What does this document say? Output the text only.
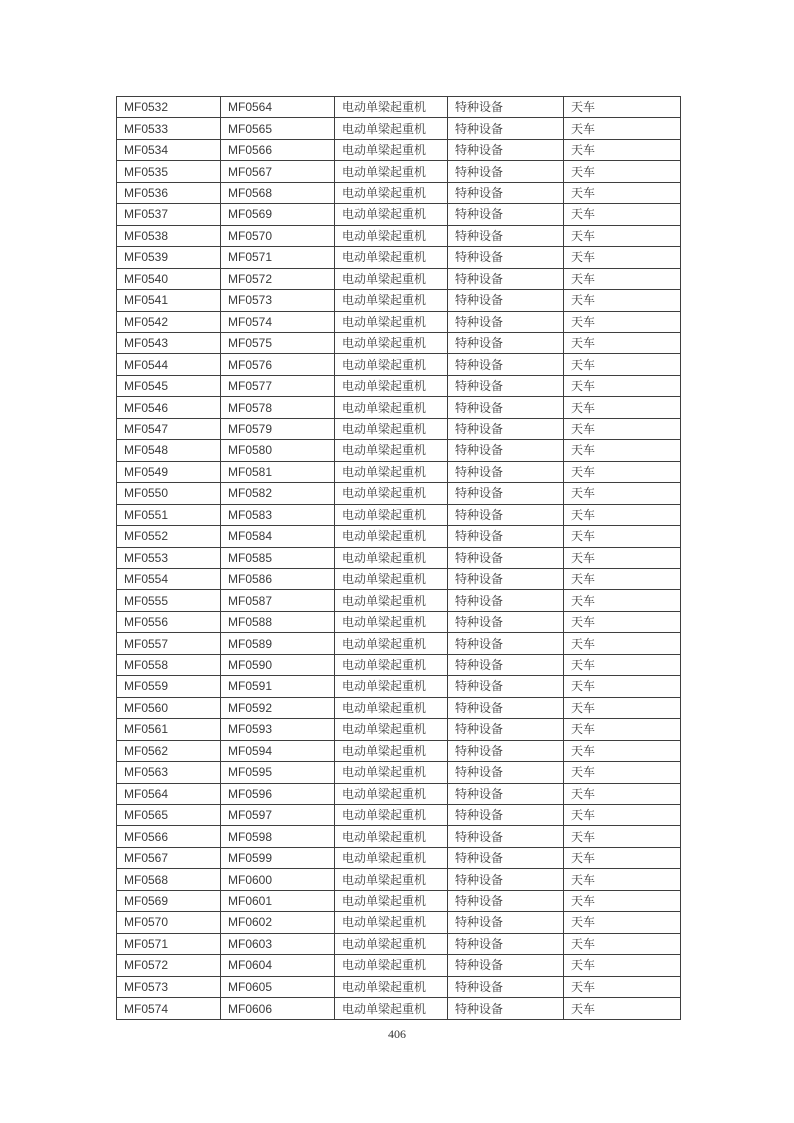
MF0532	MF0564	电动单梁起重机	特种设备	天车
MF0533	MF0565	电动单梁起重机	特种设备	天车
MF0534	MF0566	电动单梁起重机	特种设备	天车
MF0535	MF0567	电动单梁起重机	特种设备	天车
MF0536	MF0568	电动单梁起重机	特种设备	天车
MF0537	MF0569	电动单梁起重机	特种设备	天车
MF0538	MF0570	电动单梁起重机	特种设备	天车
MF0539	MF0571	电动单梁起重机	特种设备	天车
MF0540	MF0572	电动单梁起重机	特种设备	天车
MF0541	MF0573	电动单梁起重机	特种设备	天车
MF0542	MF0574	电动单梁起重机	特种设备	天车
MF0543	MF0575	电动单梁起重机	特种设备	天车
MF0544	MF0576	电动单梁起重机	特种设备	天车
MF0545	MF0577	电动单梁起重机	特种设备	天车
MF0546	MF0578	电动单梁起重机	特种设备	天车
MF0547	MF0579	电动单梁起重机	特种设备	天车
MF0548	MF0580	电动单梁起重机	特种设备	天车
MF0549	MF0581	电动单梁起重机	特种设备	天车
MF0550	MF0582	电动单梁起重机	特种设备	天车
MF0551	MF0583	电动单梁起重机	特种设备	天车
MF0552	MF0584	电动单梁起重机	特种设备	天车
MF0553	MF0585	电动单梁起重机	特种设备	天车
MF0554	MF0586	电动单梁起重机	特种设备	天车
MF0555	MF0587	电动单梁起重机	特种设备	天车
MF0556	MF0588	电动单梁起重机	特种设备	天车
MF0557	MF0589	电动单梁起重机	特种设备	天车
MF0558	MF0590	电动单梁起重机	特种设备	天车
MF0559	MF0591	电动单梁起重机	特种设备	天车
MF0560	MF0592	电动单梁起重机	特种设备	天车
MF0561	MF0593	电动单梁起重机	特种设备	天车
MF0562	MF0594	电动单梁起重机	特种设备	天车
MF0563	MF0595	电动单梁起重机	特种设备	天车
MF0564	MF0596	电动单梁起重机	特种设备	天车
MF0565	MF0597	电动单梁起重机	特种设备	天车
MF0566	MF0598	电动单梁起重机	特种设备	天车
MF0567	MF0599	电动单梁起重机	特种设备	天车
MF0568	MF0600	电动单梁起重机	特种设备	天车
MF0569	MF0601	电动单梁起重机	特种设备	天车
MF0570	MF0602	电动单梁起重机	特种设备	天车
MF0571	MF0603	电动单梁起重机	特种设备	天车
MF0572	MF0604	电动单梁起重机	特种设备	天车
MF0573	MF0605	电动单梁起重机	特种设备	天车
MF0574	MF0606	电动单梁起重机	特种设备	天车
406
